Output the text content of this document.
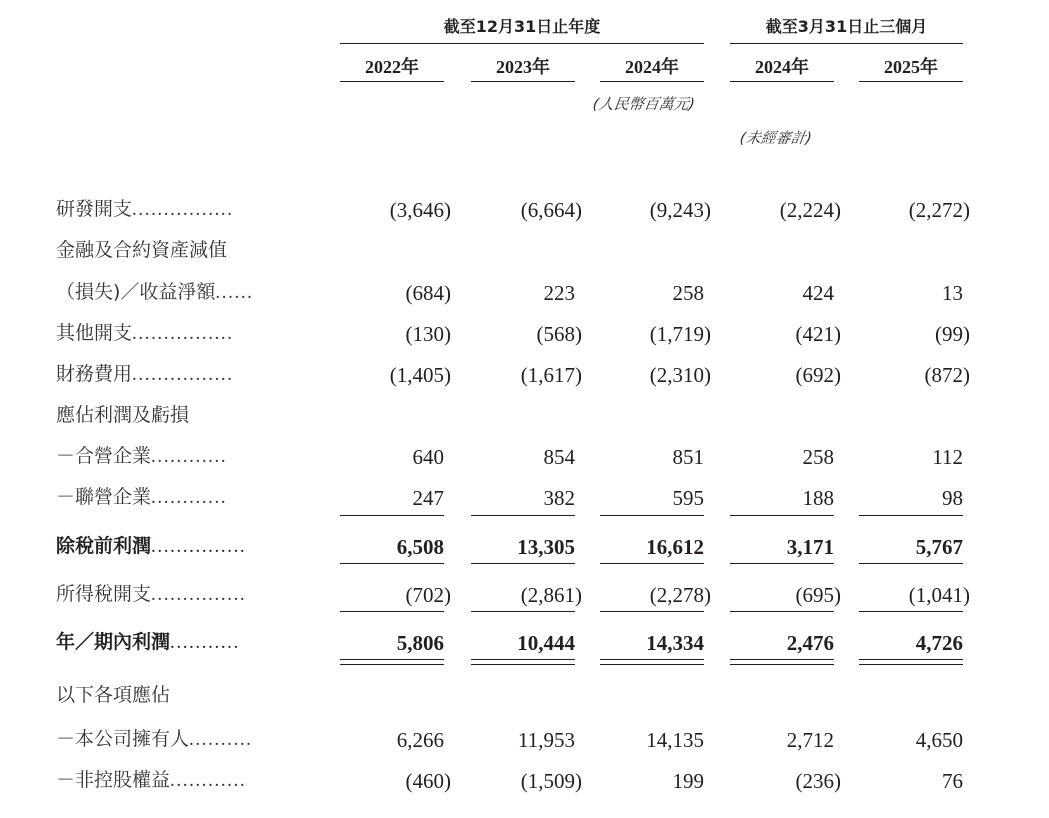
截至12月31日止年度	截至3月31日止三個月
2022年	2023年	2024年	2024年	2025年
(人民幣百萬元)
(未經審計)
研發開支................	(3,646)	(6,664)	(9,243)	(2,224)	(2,272)
金融及合約資產減值
（損失)／收益淨額......	(684)	223	258	424	13
其他開支................	(130)	(568)	(1,719)	(421)	(99)
財務費用................	(1,405)	(1,617)	(2,310)	(692)	(872)
應佔利潤及虧損
－合營企業............	640	854	851	258	112
－聯營企業............	247	382	595	188	98
除稅前利潤...............	6,508	13,305	16,612	3,171	5,767
所得稅開支...............	(702)	(2,861)	(2,278)	(695)	(1,041)
年／期內利潤...........	5,806	10,444	14,334	2,476	4,726
以下各項應佔
－本公司擁有人..........	6,266	11,953	14,135	2,712	4,650
－非控股權益............	(460)	(1,509)	199	(236)	76
